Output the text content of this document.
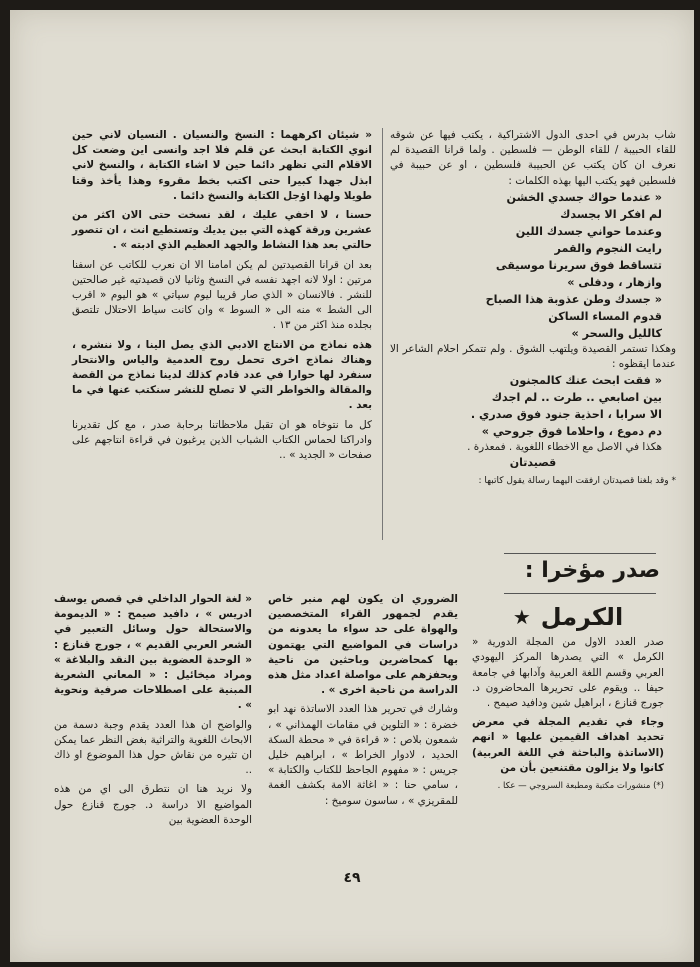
شاب بدرس في احدى الدول الاشتراكية ، يكتب فيها عن شوقه للقاء الحبيبة / للقاء الوطن — فلسطين . ولما قرانا القصيدة لم نعرف ان كان يكتب عن الحبيبة فلسطين ، او عن حبيبة في فلسطين فهو يكتب اليها بهذه الكلمات :

« عندما حواك جسدي الخشن
لم افكر الا بجسدك
وعندما حواني جسدك اللين
رايت النجوم والقمر
تتساقط فوق سريرنا موسيقى
وازهار ، ودفلى »
« جسدك وطن عذوبة هذا الصباح
قدوم المساء الساكن
كالليل والسحر »

وهكذا تستمر القصيدة ويلتهب الشوق . ولم تتمكر احلام الشاعر الا عندما ايقظوه :

« فقت ابحث عنك كالمجنون
بين اصابعي .. طرت .. لم اجدك
الا سرابا ، احذية جنود فوق صدري .
دم دموع ، واحلاما فوق جروحي »

هكذا في الاصل مع الاخطاء اللغوية . فمعذرة .

قصيدتان

* وقد بلغنا قصيدتان ارفقت اليهما رسالة يقول كاتبها :

« شيئان اكرههما : النسخ والنسيان . النسيان لاني حين انوي الكتابة ابحث عن قلم فلا اجد وانسى اين وضعت كل الاقلام التي تظهر دائما حين لا اشاء الكتابة ، والنسخ لاني ابذل جهدا كبيرا حتى اكتب بخط مقروء وهذا يأخذ وقتا طويلا ولهذا اؤجل الكتابة والنسخ دائما .

حسنا ، لا اخفي عليك ، لقد نسخت حتى الان اكثر من عشرين ورقة كهذه التي بين يديك وتستطيع انت ، ان تتصور حالتي بعد هذا النشاط والجهد العظيم الذي ادبته » .

بعد ان قرانا القصيدتين لم يكن امامنا الا ان نعرب للكاتب عن اسفنا مرتين : اولا لانه اجهد نفسه في النسخ وثانيا لان قصيدتيه غير صالحتين للنشر . فالانسان « الذي صار قريبا ليوم سياتي » هو اليوم « اقرب الى الشط » منه الى « السوط » وان كانت سياط الاحتلال تلتصق بجلده منذ اكثر من ١٣ .

هذه نماذج من الانتاج الادبي الذي يصل الينا ، ولا ننشره ، وهناك نماذج اخرى تحمل روح العدمية والياس والانتحار سنفرد لها حوارا في عدد قادم كذلك لدينا نماذج من القصة والمقالة والخواطر التي لا تصلح للنشر سنكتب عنها في ما بعد .

كل ما نتوخاه هو ان تقبل ملاحظاتنا برحابة صدر ، مع كل تقديرنا وادراكنا لحماس الكتاب الشباب الذين يرغبون في قراءة انتاجهم على صفحات « الجديد » ..

صدر مؤخرا :
الكرمل
★

صدر العدد الاول من المجلة الدورية « الكرمل » التي يصدرها المركز اليهودي العربي وقسم اللغة العربية وآدابها في جامعة حيفا .. ويقوم على تحريرها المحاضرون د. جورج قنازع ، ابراهيل شين ودافيد صيمح .

وجاء في تقديم المجلة في معرض تحديد اهداف القيمين عليها « انهم (الاساتذة والباحثة في اللغة العربية) كانوا ولا يزالون مقتنعين بأن من

(*) منشورات مكتبة ومطبعة السروجي — عكا .

الضروري ان يكون لهم منبر خاص يقدم لجمهور القراء المتخصصين والهواة على حد سواء ما يعدونه من دراسات في المواضيع التي يهتمون بها كمحاضرين وباحثين من ناحية وبحفزهم على مواصلة اعداد مثل هذه الدراسة من ناحية اخرى » .

وشارك في تحرير هذا العدد الاساتذة نهد ابو خضرة : « التلوين في مقامات الهمذاني » ، شمعون بلاص : « قراءة في « محطة السكة الحديد ، لادوار الخراط » ، ابراهيم خليل جريس : « مفهوم الجاحظ للكتاب والكتابة » ، سامي حنا : « اغاثة الامة بكشف الغمة للمقريزي » ، ساسون سوميخ :

« لغة الحوار الداخلي في قصص يوسف ادريس » ، دافيد صيمح : « الديمومة والاستحالة حول وسائل التعبير في الشعر العربي القديم » ، جورج قنازع : « الوحدة العضوية بين النقد والبلاغة » ومراد ميخائيل : « المعاني الشعرية المبنية على اصطلاحات صرفية ونحوية » .

والواضح ان هذا العدد يقدم وجبة دسمة من الابحاث اللغوية والتراثية بغض النظر عما يمكن ان تثيره من نقاش حول هذا الموضوع او ذاك ..

ولا نريد هنا ان نتطرق الى اي من هذه المواضيع الا دراسة د. جورج قنازع حول الوحدة العضوية بين

٤٩
